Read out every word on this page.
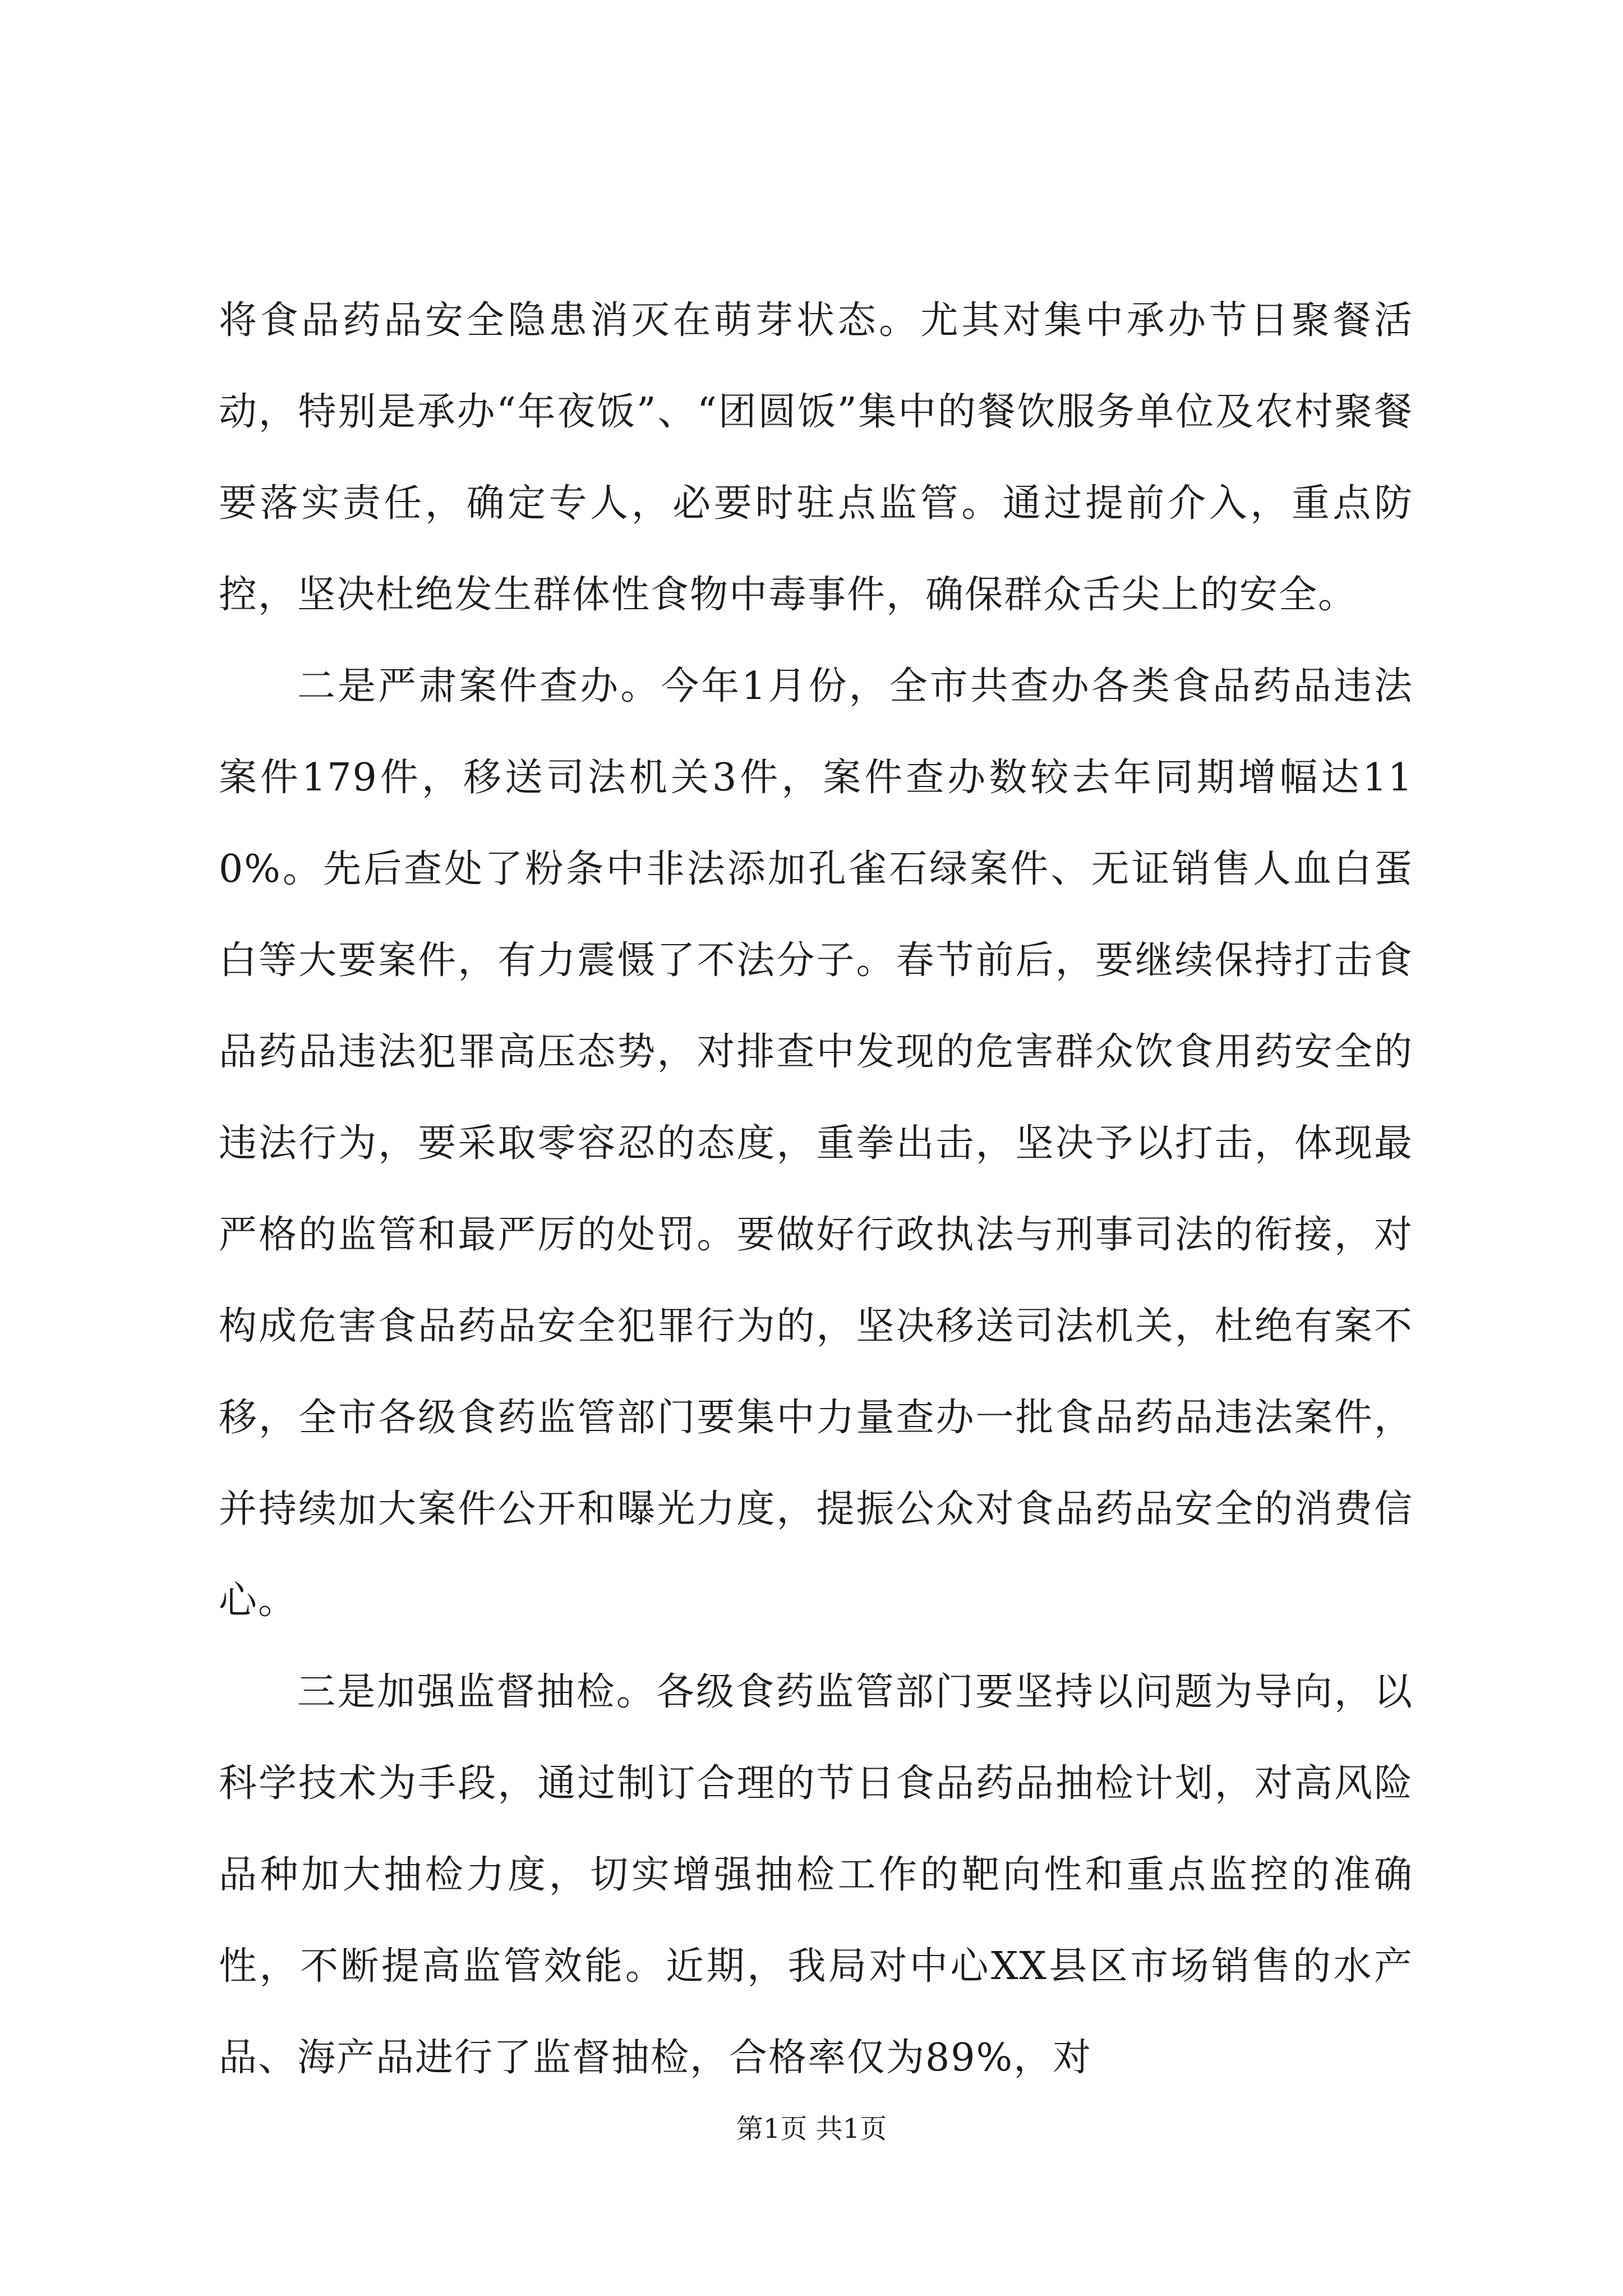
将食品药品安全隐患消灭在萌芽状态。尤其对集中承办节日聚餐活动，特别是承办“年夜饭”、“团圆饭”集中的餐饮服务单位及农村聚餐要落实责任，确定专人，必要时驻点监管。通过提前介入，重点防控，坚决杜绝发生群体性食物中毒事件，确保群众舌尖上的安全。

二是严肃案件查办。今年1月份，全市共查办各类食品药品违法案件179件，移送司法机关3件，案件查办数较去年同期增幅达110%。先后查处了粉条中非法添加孔雀石绿案件、无证销售人血白蛋白等大要案件，有力震慑了不法分子。春节前后，要继续保持打击食品药品违法犯罪高压态势，对排查中发现的危害群众饮食用药安全的违法行为，要采取零容忍的态度，重拳出击，坚决予以打击，体现最严格的监管和最严厉的处罚。要做好行政执法与刑事司法的衔接，对构成危害食品药品安全犯罪行为的，坚决移送司法机关，杜绝有案不移，全市各级食药监管部门要集中力量查办一批食品药品违法案件，并持续加大案件公开和曝光力度，提振公众对食品药品安全的消费信心。

三是加强监督抽检。各级食药监管部门要坚持以问题为导向，以科学技术为手段，通过制订合理的节日食品药品抽检计划，对高风险品种加大抽检力度，切实增强抽检工作的靶向性和重点监控的准确性，不断提高监管效能。近期，我局对中心XX县区市场销售的水产品、海产品进行了监督抽检，合格率仅为89%，对

第1页 共1页
